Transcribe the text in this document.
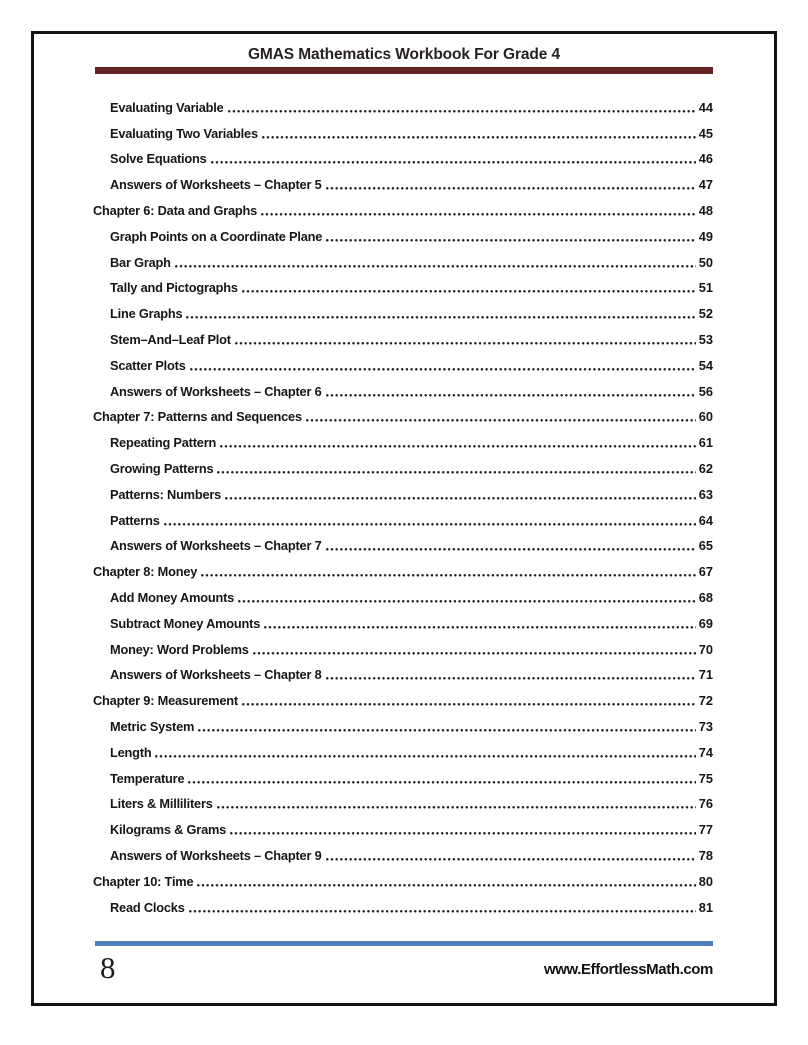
GMAS Mathematics Workbook For Grade 4
Evaluating Variable	44
Evaluating Two Variables	45
Solve Equations	46
Answers of Worksheets – Chapter 5	47
Chapter 6: Data and Graphs	48
Graph Points on a Coordinate Plane	49
Bar Graph	50
Tally and Pictographs	51
Line Graphs	52
Stem–And–Leaf Plot	53
Scatter Plots	54
Answers of Worksheets – Chapter 6	56
Chapter 7: Patterns and Sequences	60
Repeating Pattern	61
Growing Patterns	62
Patterns: Numbers	63
Patterns	64
Answers of Worksheets – Chapter 7	65
Chapter 8: Money	67
Add Money Amounts	68
Subtract Money Amounts	69
Money: Word Problems	70
Answers of Worksheets – Chapter 8	71
Chapter 9: Measurement	72
Metric System	73
Length	74
Temperature	75
Liters & Milliliters	76
Kilograms & Grams	77
Answers of Worksheets – Chapter 9	78
Chapter 10: Time	80
Read Clocks	81
8	www.EffortlessMath.com
